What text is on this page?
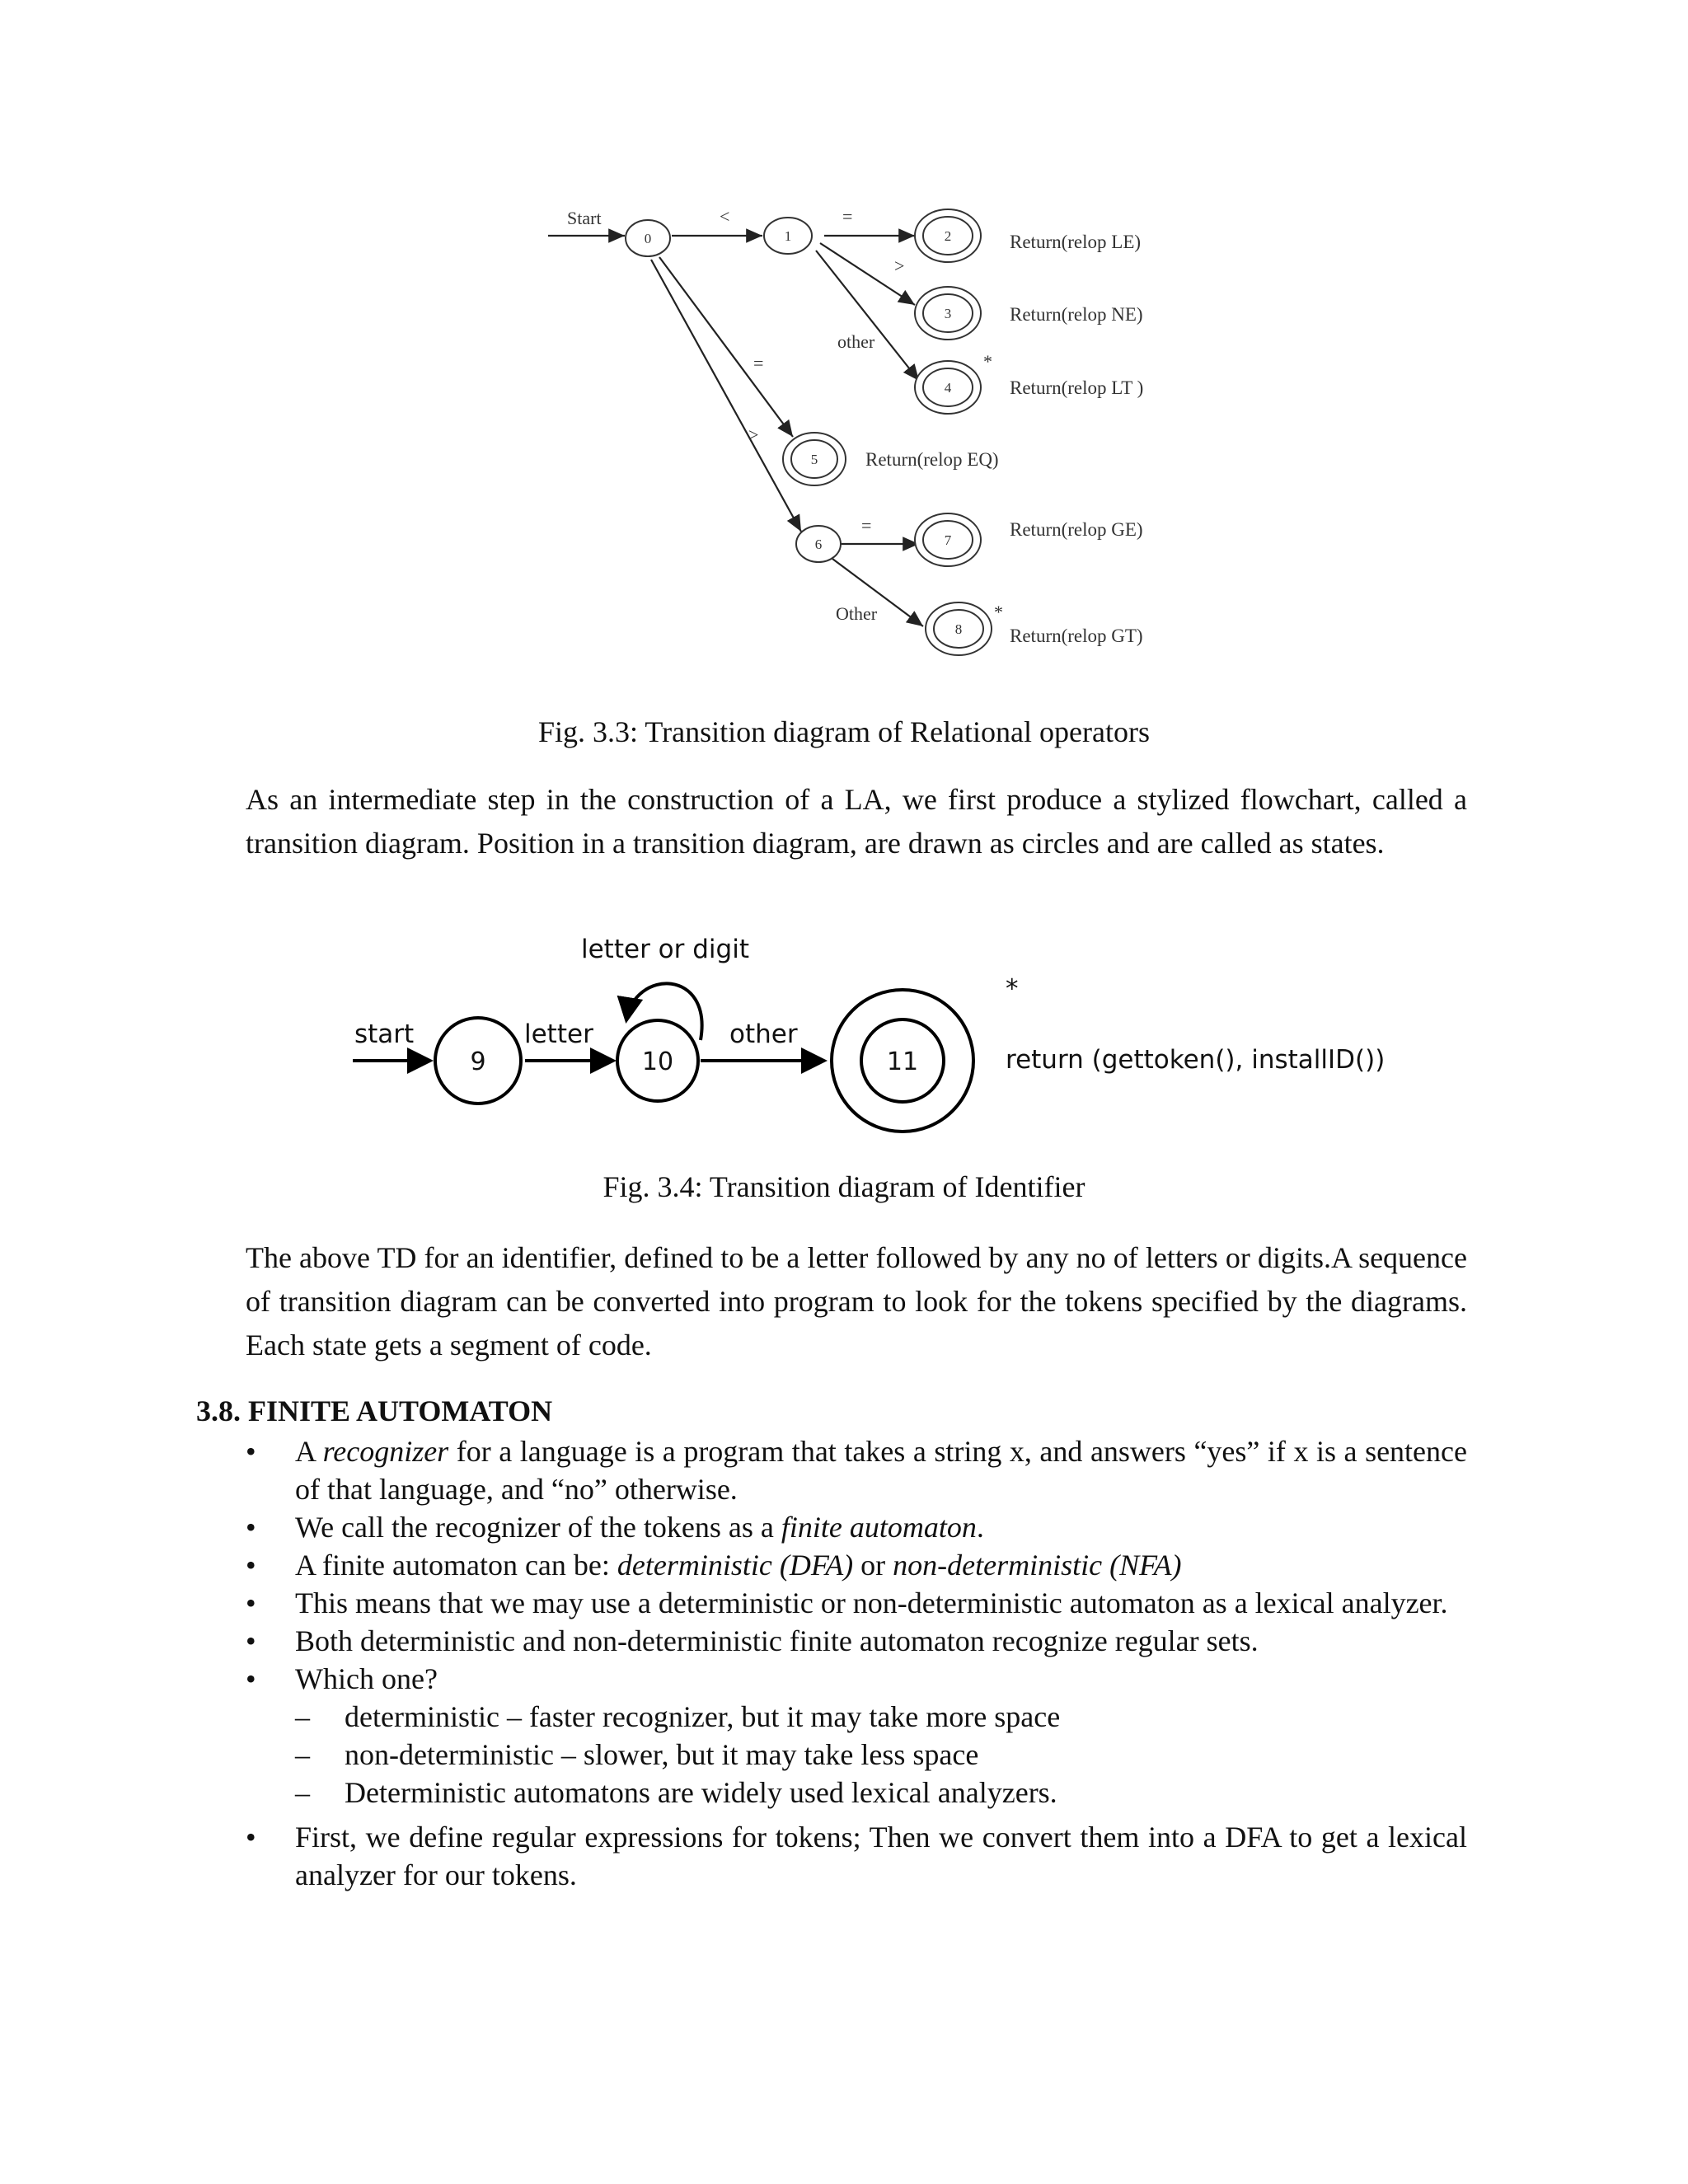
0	1	2
3
4
5
6	7
8
Start	<	=
>
other
=
>
=
Other
*
*
Return(relop LE)
Return(relop NE)
Return(relop LT )
Return(relop EQ)
Return(relop GE)
Return(relop GT)

Fig. 3.3: Transition diagram of Relational operators

As an intermediate step in the construction of a LA, we first produce a stylized flowchart, called a transition diagram. Position in a transition diagram, are drawn as circles and are called as states.

start
letter or digit
letter	other
*
return (gettoken(), installID())
9	10	11

Fig. 3.4: Transition diagram of Identifier

The above TD for an identifier, defined to be a letter followed by any no of letters or digits.A sequence of transition diagram can be converted into program to look for the tokens specified by the diagrams. Each state gets a segment of code.

3.8. FINITE AUTOMATON
• A recognizer for a language is a program that takes a string x, and answers “yes” if x is a sentence of that language, and “no” otherwise.
• We call the recognizer of the tokens as a finite automaton.
• A finite automaton can be: deterministic (DFA) or non-deterministic (NFA)
• This means that we may use a deterministic or non-deterministic automaton as a lexical analyzer.
• Both deterministic and non-deterministic finite automaton recognize regular sets.
• Which one?
– deterministic – faster recognizer, but it may take more space
– non-deterministic – slower, but it may take less space
– Deterministic automatons are widely used lexical analyzers.
• First, we define regular expressions for tokens; Then we convert them into a DFA to get a lexical analyzer for our tokens.
